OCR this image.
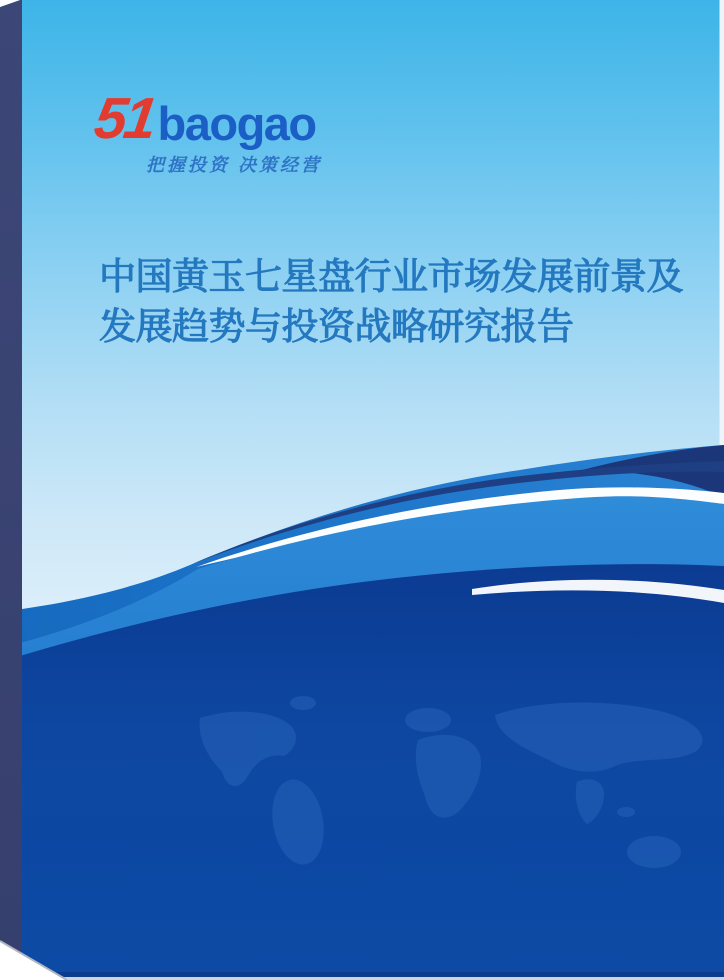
51 baogao
把握投资 决策经营
中国黄玉七星盘行业市场发展前景及
发展趋势与投资战略研究报告
